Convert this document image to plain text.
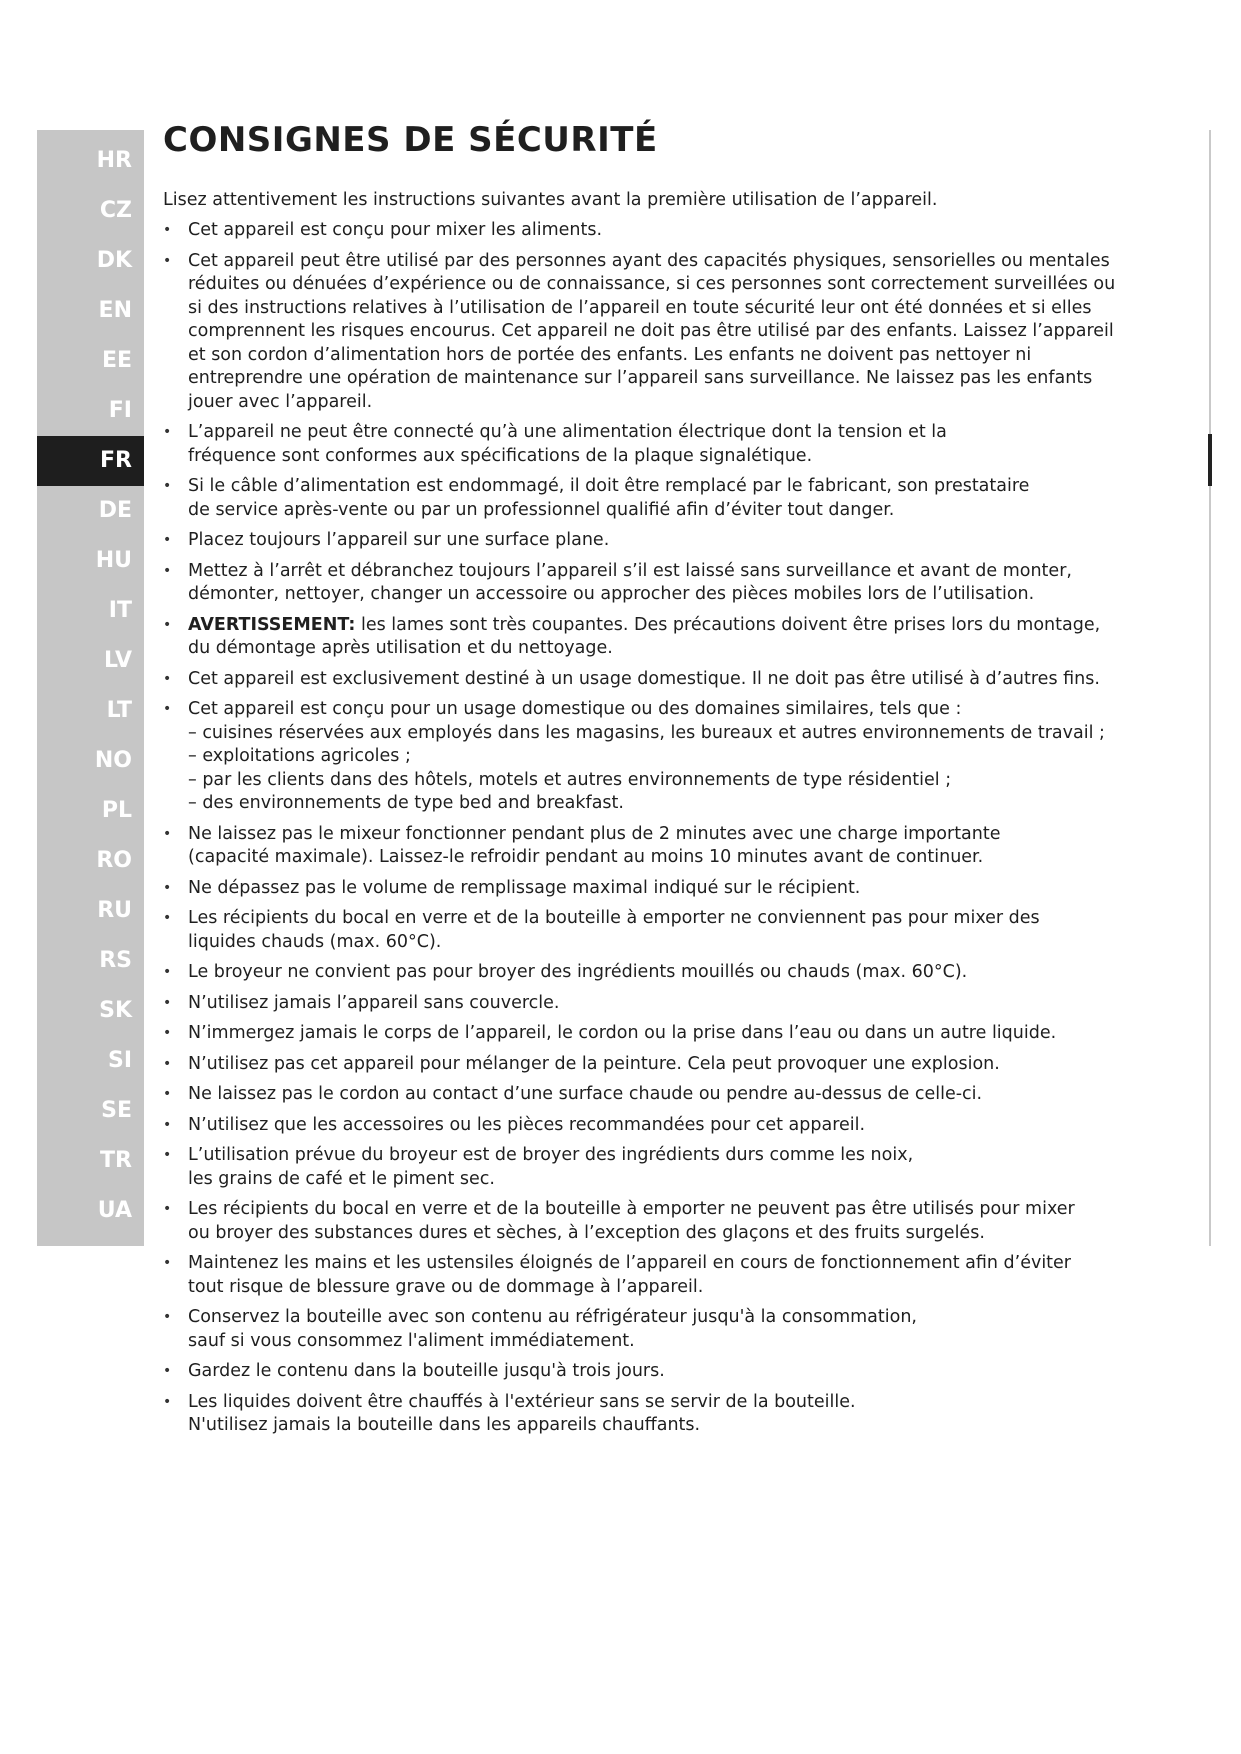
HR
CZ
DK
EN
EE
FI
FR
DE
HU
IT
LV
LT
NO
PL
RO
RU
RS
SK
SI
SE
TR
UA
CONSIGNES DE SÉCURITÉ

Lisez attentivement les instructions suivantes avant la première utilisation de l’appareil.

• Cet appareil est conçu pour mixer les aliments.
• Cet appareil peut être utilisé par des personnes ayant des capacités physiques, sensorielles ou mentales
réduites ou dénuées d’expérience ou de connaissance, si ces personnes sont correctement surveillées ou
si des instructions relatives à l’utilisation de l’appareil en toute sécurité leur ont été données et si elles
comprennent les risques encourus. Cet appareil ne doit pas être utilisé par des enfants. Laissez l’appareil
et son cordon d’alimentation hors de portée des enfants. Les enfants ne doivent pas nettoyer ni
entreprendre une opération de maintenance sur l’appareil sans surveillance. Ne laissez pas les enfants
jouer avec l’appareil.
• L’appareil ne peut être connecté qu’à une alimentation électrique dont la tension et la
fréquence sont conformes aux spécifications de la plaque signalétique.
• Si le câble d’alimentation est endommagé, il doit être remplacé par le fabricant, son prestataire
de service après-vente ou par un professionnel qualifié afin d’éviter tout danger.
• Placez toujours l’appareil sur une surface plane.
• Mettez à l’arrêt et débranchez toujours l’appareil s’il est laissé sans surveillance et avant de monter,
démonter, nettoyer, changer un accessoire ou approcher des pièces mobiles lors de l’utilisation.
• AVERTISSEMENT: les lames sont très coupantes. Des précautions doivent être prises lors du montage,
du démontage après utilisation et du nettoyage.
• Cet appareil est exclusivement destiné à un usage domestique. Il ne doit pas être utilisé à d’autres fins.
• Cet appareil est conçu pour un usage domestique ou des domaines similaires, tels que :
– cuisines réservées aux employés dans les magasins, les bureaux et autres environnements de travail ;
– exploitations agricoles ;
– par les clients dans des hôtels, motels et autres environnements de type résidentiel ;
– des environnements de type bed and breakfast.
• Ne laissez pas le mixeur fonctionner pendant plus de 2 minutes avec une charge importante
(capacité maximale). Laissez-le refroidir pendant au moins 10 minutes avant de continuer.
• Ne dépassez pas le volume de remplissage maximal indiqué sur le récipient.
• Les récipients du bocal en verre et de la bouteille à emporter ne conviennent pas pour mixer des
liquides chauds (max. 60°C).
• Le broyeur ne convient pas pour broyer des ingrédients mouillés ou chauds (max. 60°C).
• N’utilisez jamais l’appareil sans couvercle.
• N’immergez jamais le corps de l’appareil, le cordon ou la prise dans l’eau ou dans un autre liquide.
• N’utilisez pas cet appareil pour mélanger de la peinture. Cela peut provoquer une explosion.
• Ne laissez pas le cordon au contact d’une surface chaude ou pendre au-dessus de celle-ci.
• N’utilisez que les accessoires ou les pièces recommandées pour cet appareil.
• L’utilisation prévue du broyeur est de broyer des ingrédients durs comme les noix,
les grains de café et le piment sec.
• Les récipients du bocal en verre et de la bouteille à emporter ne peuvent pas être utilisés pour mixer
ou broyer des substances dures et sèches, à l’exception des glaçons et des fruits surgelés.
• Maintenez les mains et les ustensiles éloignés de l’appareil en cours de fonctionnement afin d’éviter
tout risque de blessure grave ou de dommage à l’appareil.
• Conservez la bouteille avec son contenu au réfrigérateur jusqu'à la consommation,
sauf si vous consommez l'aliment immédiatement.
• Gardez le contenu dans la bouteille jusqu'à trois jours.
• Les liquides doivent être chauffés à l'extérieur sans se servir de la bouteille.
N'utilisez jamais la bouteille dans les appareils chauffants.
